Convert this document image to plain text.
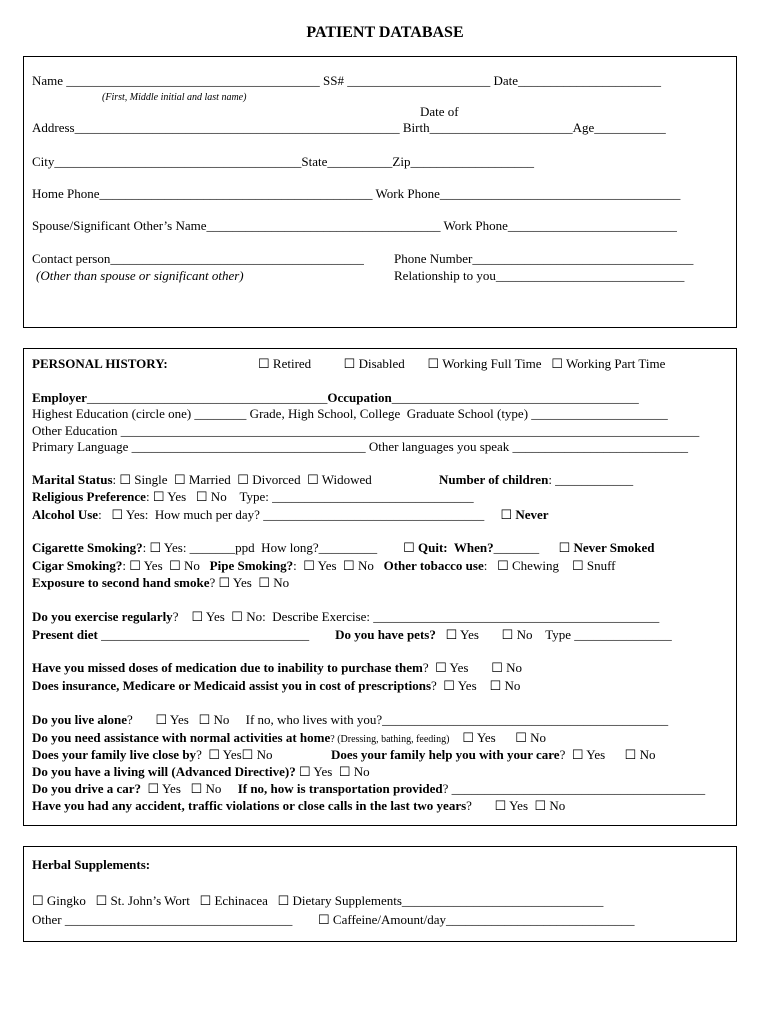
PATIENT DATABASE
Name _______________________________________ SS# ______________________ Date______________________
(First, Middle initial and last name)
Date of
Address__________________________________________________ Birth______________________Age___________
City______________________________________State__________Zip___________________
Home Phone__________________________________________ Work Phone_____________________________________
Spouse/Significant Other’s Name____________________________________ Work Phone__________________________
Contact person_______________________________________
(Other than spouse or significant other)
Phone Number__________________________________
Relationship to you_____________________________
PERSONAL HISTORY:	☐ Retired          ☐ Disabled       ☐ Working Full Time   ☐ Working Part Time
Employer_____________________________________Occupation______________________________________
Highest Education (circle one) ________ Grade, High School, College  Graduate School (type) _____________________
Other Education _________________________________________________________________________________________
Primary Language ____________________________________ Other languages you speak ___________________________
Marital Status: ☐ Single  ☐ Married  ☐ Divorced  ☐ Widowed	Number of children: ____________
Religious Preference: ☐ Yes   ☐ No    Type: _______________________________
Alcohol Use:   ☐ Yes:  How much per day? __________________________________     ☐ Never
Cigarette Smoking?: ☐ Yes: _______ppd  How long?_________        ☐ Quit:  When?_______      ☐ Never Smoked
Cigar Smoking?: ☐ Yes  ☐ No   Pipe Smoking?:  ☐ Yes  ☐ No   Other tobacco use:   ☐ Chewing    ☐ Snuff
Exposure to second hand smoke? ☐ Yes  ☐ No
Do you exercise regularly?    ☐ Yes  ☐ No:  Describe Exercise: ____________________________________________
Present diet ________________________________        Do you have pets?   ☐ Yes       ☐ No    Type _______________
Have you missed doses of medication due to inability to purchase them?  ☐ Yes       ☐ No
Does insurance, Medicare or Medicaid assist you in cost of prescriptions?  ☐ Yes    ☐ No
Do you live alone?       ☐ Yes   ☐ No     If no, who lives with you?____________________________________________
Do you need assistance with normal activities at home? (Dressing, bathing, feeding)    ☐ Yes      ☐ No
Does your family live close by?  ☐ Yes☐ No                  Does your family help you with your care?  ☐ Yes      ☐ No
Do you have a living will (Advanced Directive)? ☐ Yes  ☐ No
Do you drive a car?  ☐ Yes   ☐ No     If no, how is transportation provided? _______________________________________
Have you had any accident, traffic violations or close calls in the last two years?       ☐ Yes  ☐ No
Herbal Supplements:
☐ Gingko   ☐ St. John’s Wort   ☐ Echinacea   ☐ Dietary Supplements_______________________________
Other ___________________________________ ☐ Caffeine/Amount/day_____________________________
